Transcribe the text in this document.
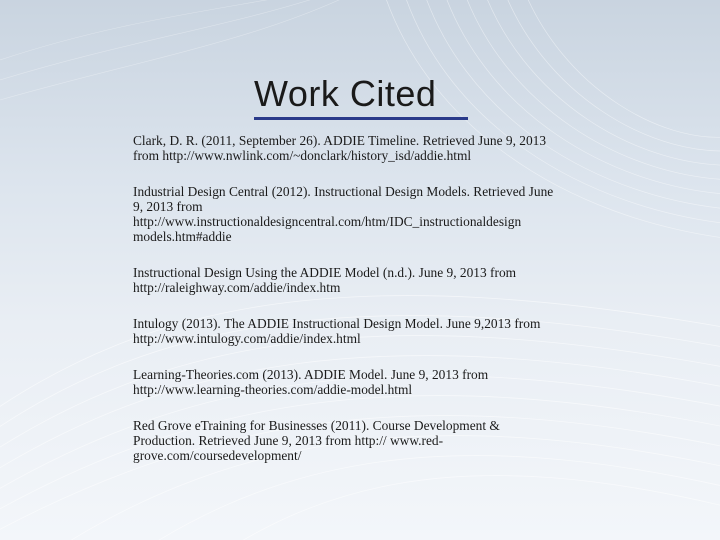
Work Cited
Clark, D. R. (2011, September 26). ADDIE Timeline. Retrieved June 9, 2013
from http://www.nwlink.com/~donclark/history_isd/addie.html
Industrial Design Central (2012). Instructional Design Models. Retrieved June
9, 2013 from
http://www.instructionaldesigncentral.com/htm/IDC_instructionaldesign
models.htm#addie
Instructional Design Using the ADDIE Model (n.d.). June 9, 2013 from
http://raleighway.com/addie/index.htm
Intulogy (2013). The ADDIE Instructional Design Model. June 9,2013 from
http://www.intulogy.com/addie/index.html
Learning-Theories.com (2013). ADDIE Model. June 9, 2013 from
http://www.learning-theories.com/addie-model.html
Red Grove eTraining for Businesses (2011). Course Development &
Production. Retrieved June 9, 2013 from http:// www.red-
grove.com/coursedevelopment/
